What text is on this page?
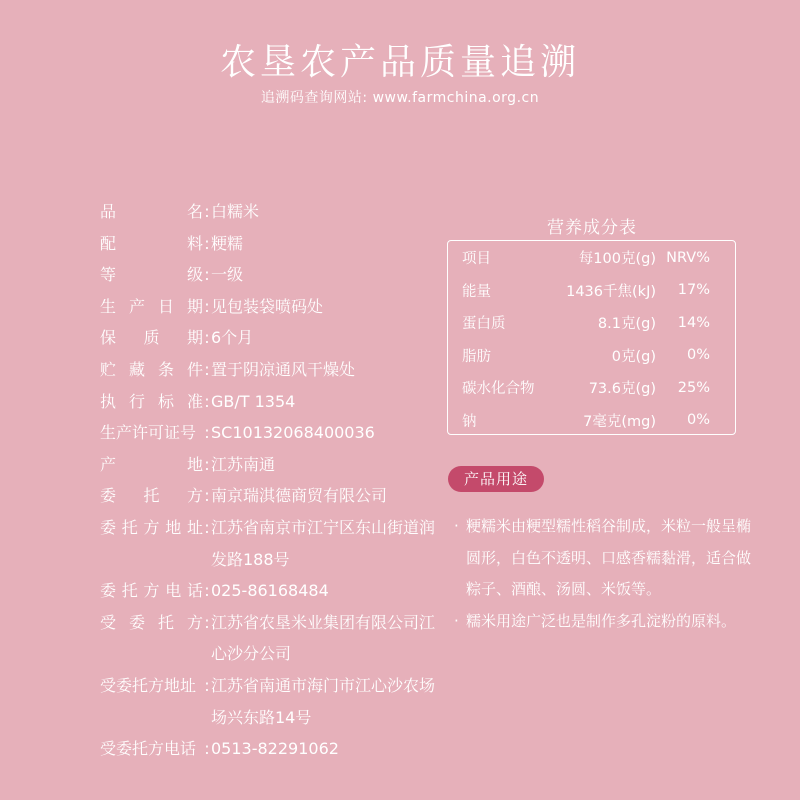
农垦农产品质量追溯
追溯码查询网站: www.farmchina.org.cn
品	名 : 白糯米
配	料 : 粳糯
等	级 : 一级
生 产 日 期 : 见包装袋喷码处
保 质 期 : 6个月
贮 藏 条 件 : 置于阴凉通风干燥处
执 行 标 准 : GB/T 1354
生产许可证号 : SC10132068400036
产	地 : 江苏南通
委 托 方 : 南京瑞淇德商贸有限公司
委 托 方 地 址 : 江苏省南京市江宁区东山街道润发路188号
委 托 方 电 话 : 025-86168484
受 委 托 方 : 江苏省农垦米业集团有限公司江心沙分公司
受委托方地址 : 江苏省南通市海门市江心沙农场场兴东路14号
受委托方电话 : 0513-82291062
营养成分表
项目	每100克(g) NRV%
能量	1436千焦(kJ)	17%
蛋白质	8.1克(g)	14%
脂肪	0克(g)	0%
碳水化合物	73.6克(g)	25%
钠	7毫克(mg)	0%
产品用途
· 粳糯米由粳型糯性稻谷制成，米粒一般呈椭圆形，白色不透明、口感香糯黏滑，适合做粽子、酒酿、汤圆、米饭等。
· 糯米用途广泛也是制作多孔淀粉的原料。
